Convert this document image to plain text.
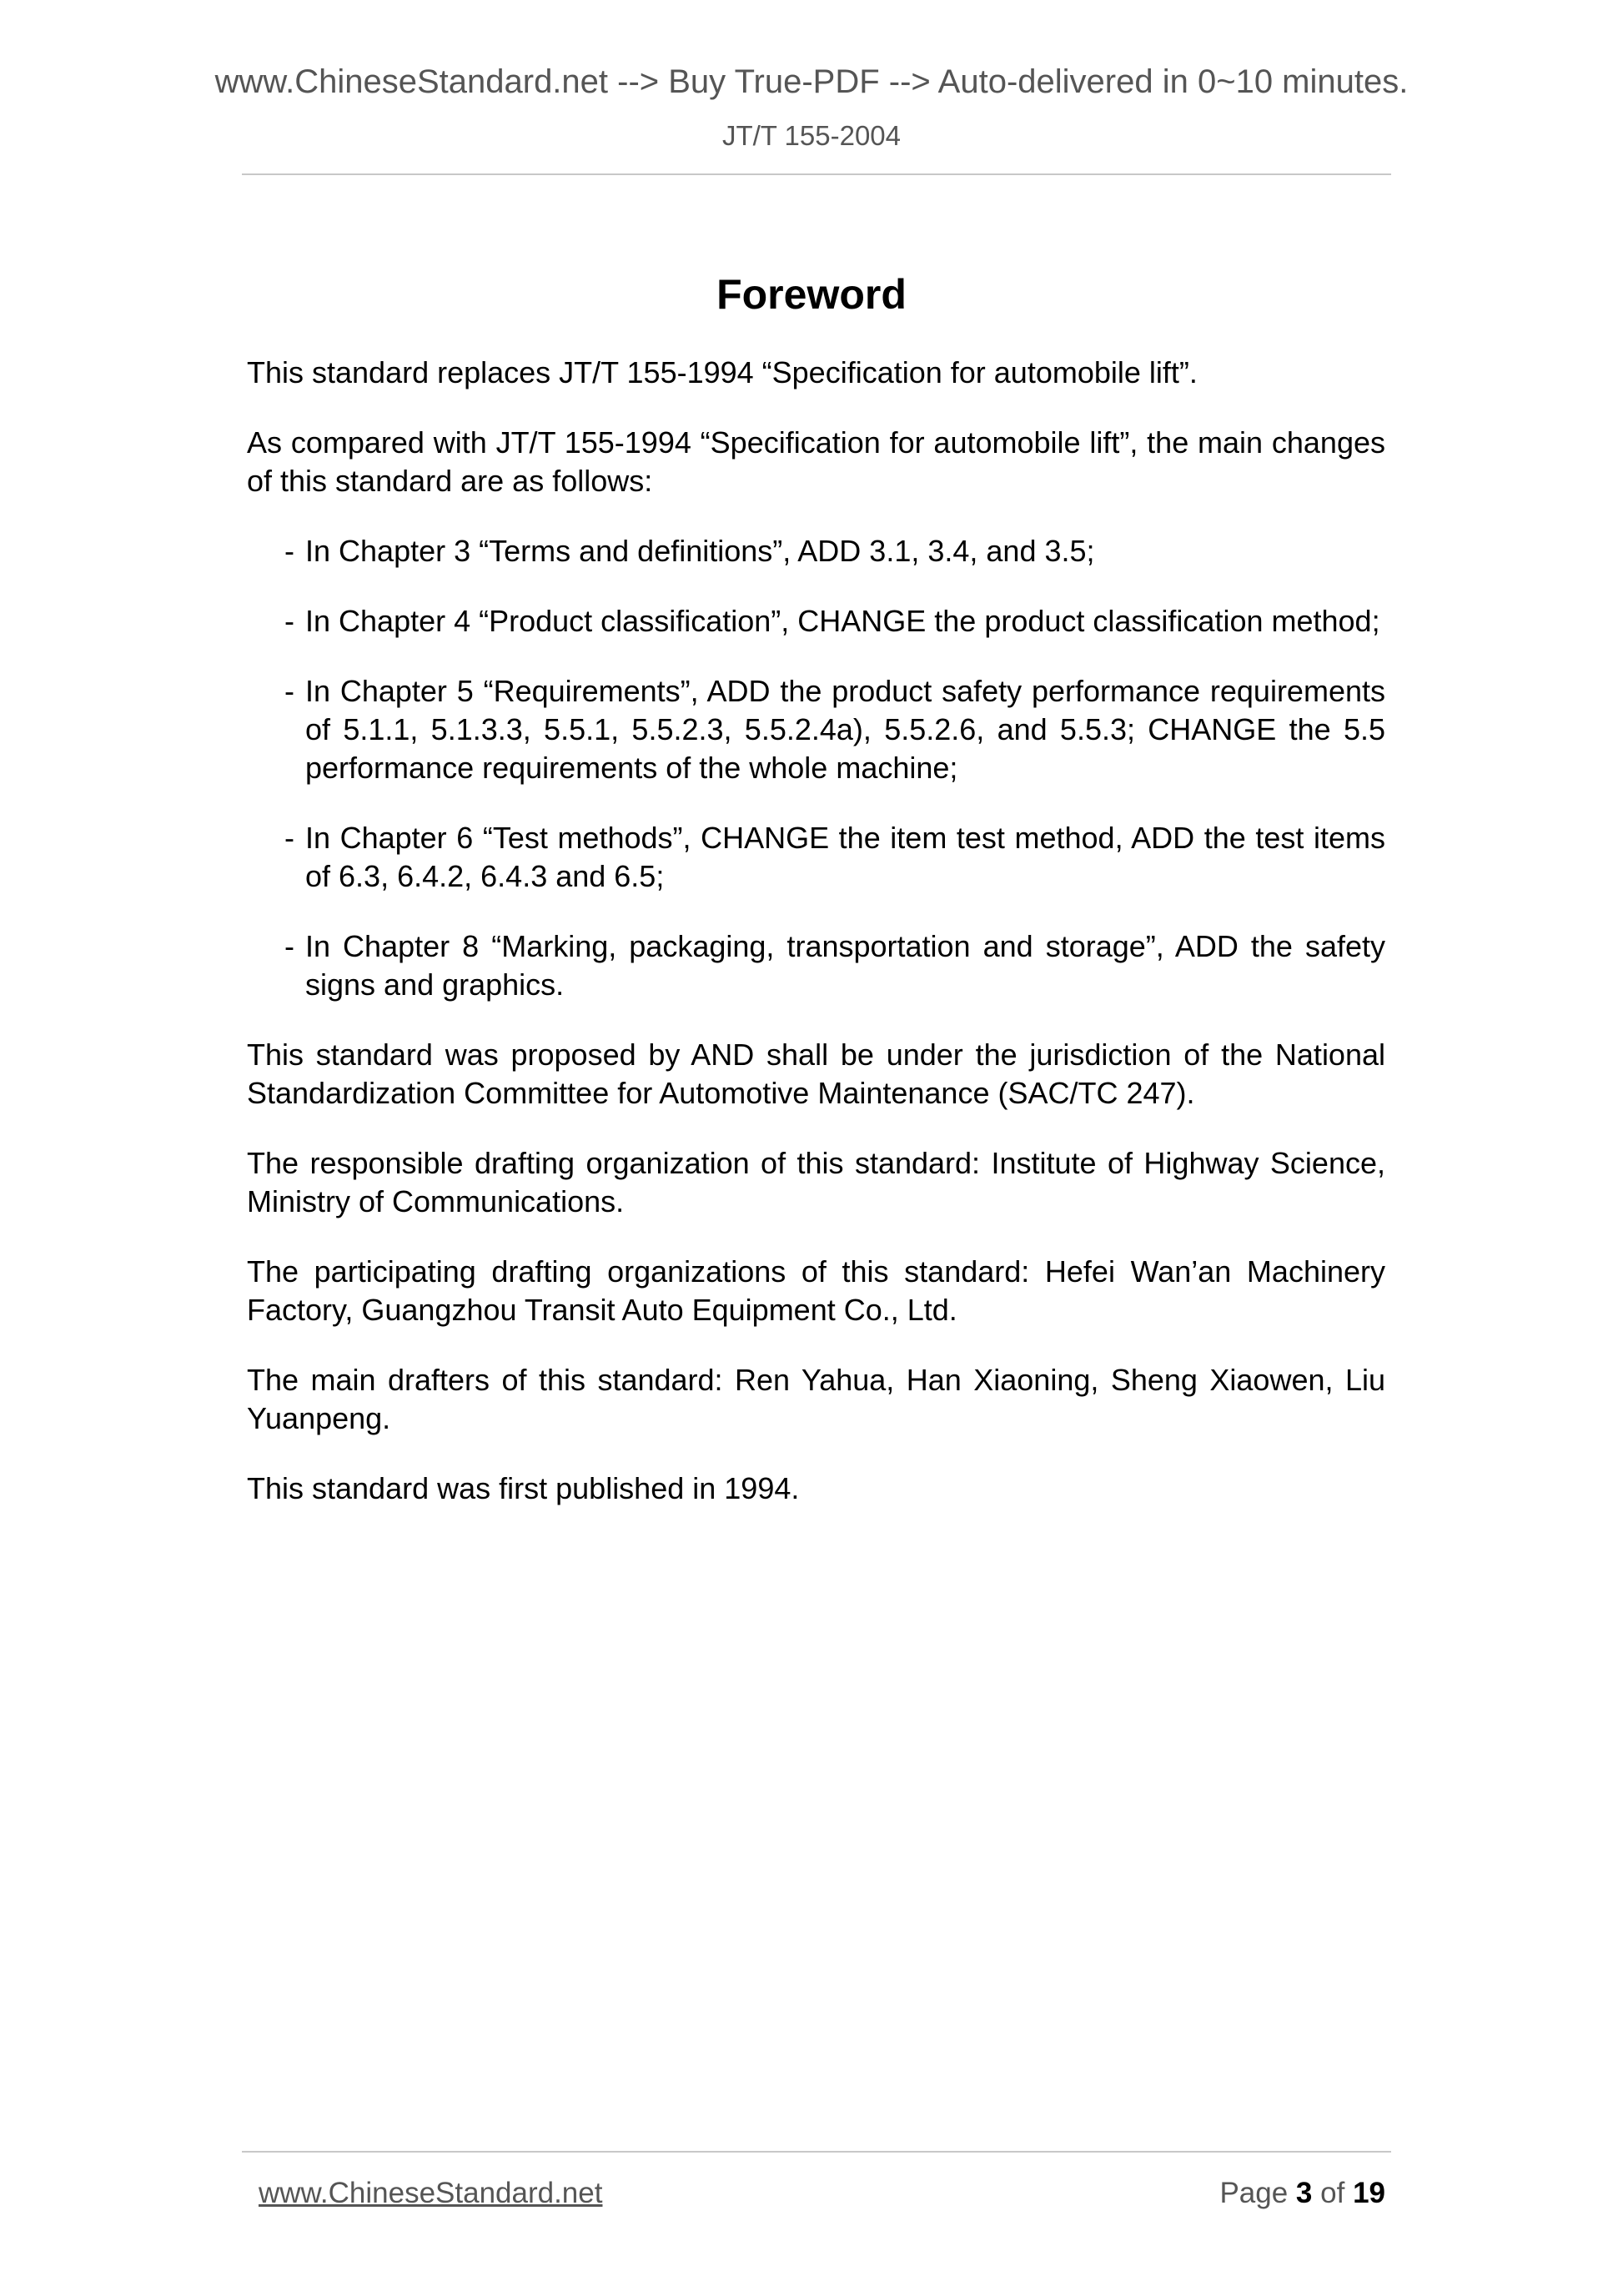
www.ChineseStandard.net --> Buy True-PDF --> Auto-delivered in 0~10 minutes.
JT/T 155-2004
Foreword

This standard replaces JT/T 155-1994 “Specification for automobile lift”.

As compared with JT/T 155-1994 “Specification for automobile lift”, the main changes of this standard are as follows:

- In Chapter 3 “Terms and definitions”, ADD 3.1, 3.4, and 3.5;
- In Chapter 4 “Product classification”, CHANGE the product classification method;
- In Chapter 5 “Requirements”, ADD the product safety performance requirements of 5.1.1, 5.1.3.3, 5.5.1, 5.5.2.3, 5.5.2.4a), 5.5.2.6, and 5.5.3; CHANGE the 5.5 performance requirements of the whole machine;
- In Chapter 6 “Test methods”, CHANGE the item test method, ADD the test items of 6.3, 6.4.2, 6.4.3 and 6.5;
- In Chapter 8 “Marking, packaging, transportation and storage”, ADD the safety signs and graphics.

This standard was proposed by AND shall be under the jurisdiction of the National Standardization Committee for Automotive Maintenance (SAC/TC 247).

The responsible drafting organization of this standard: Institute of Highway Science, Ministry of Communications.

The participating drafting organizations of this standard: Hefei Wan’an Machinery Factory, Guangzhou Transit Auto Equipment Co., Ltd.

The main drafters of this standard: Ren Yahua, Han Xiaoning, Sheng Xiaowen, Liu Yuanpeng.

This standard was first published in 1994.

www.ChineseStandard.net	Page 3 of 19
